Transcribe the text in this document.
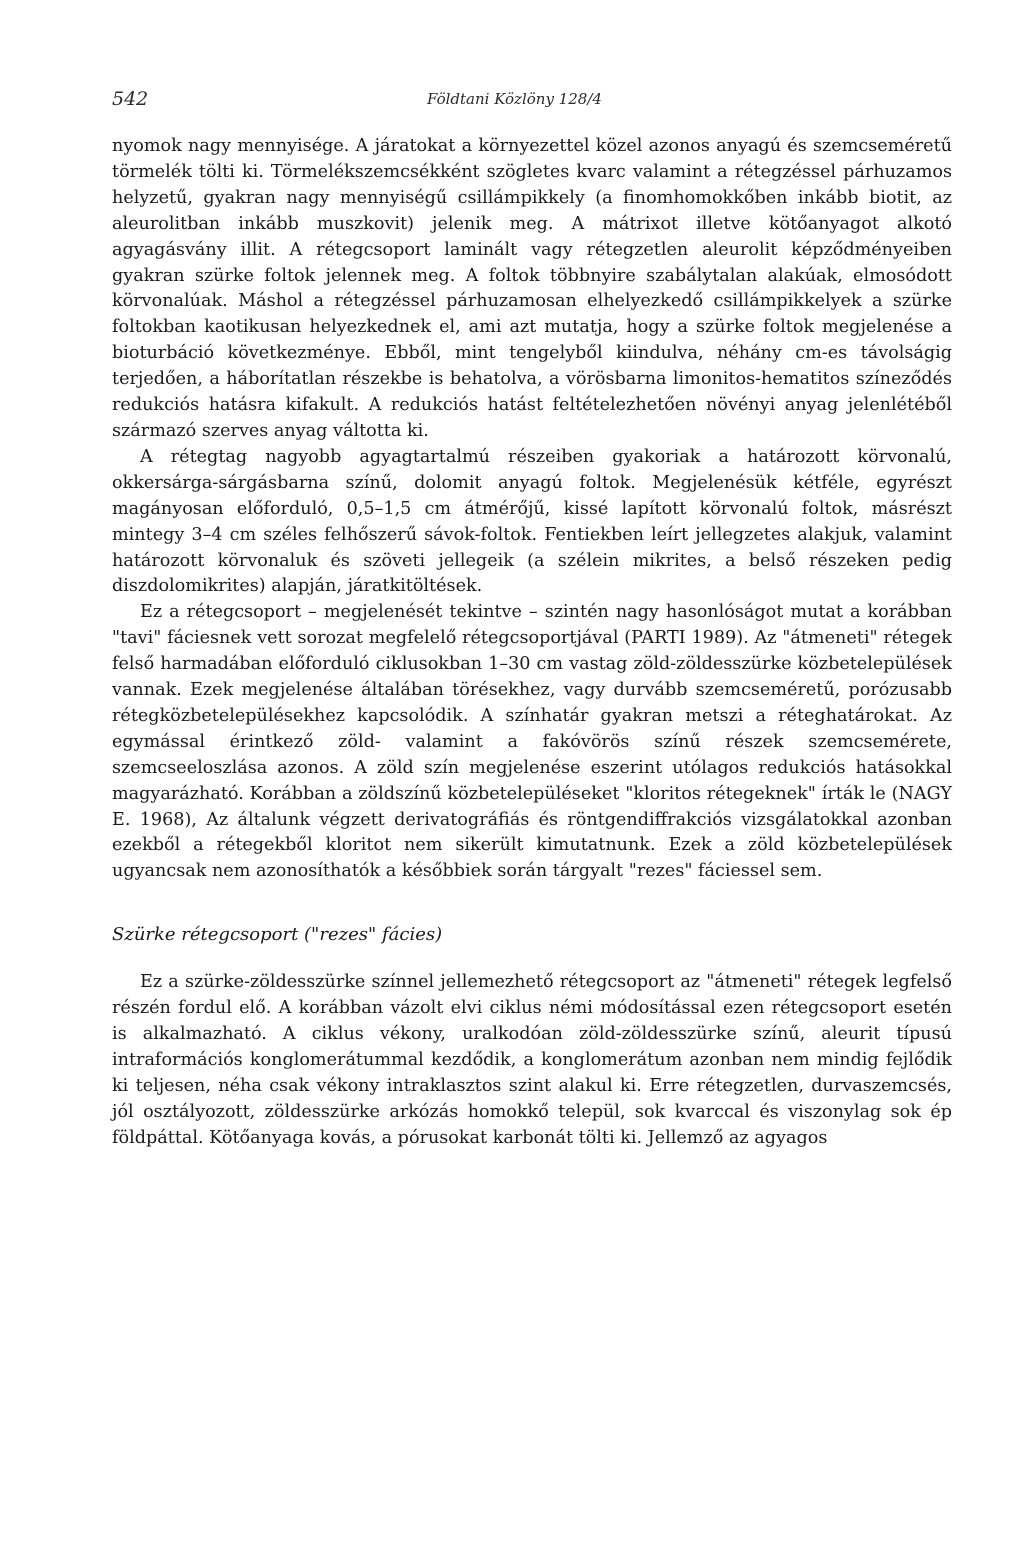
542	Földtani Közlöny 128/4

nyomok nagy mennyisége. A járatokat a környezettel közel azonos anyagú és szemcseméretű törmelék tölti ki. Törmelékszemcsékként szögletes kvarc valamint a rétegzéssel párhuzamos helyzetű, gyakran nagy mennyiségű csillámpikkely (a finomhomokkőben inkább biotit, az aleurolitban inkább muszkovit) jelenik meg. A mátrixot illetve kötőanyagot alkotó agyagásvány illit. A rétegcsoport laminált vagy rétegzetlen aleurolit képződményeiben gyakran szürke foltok jelennek meg. A foltok többnyire szabálytalan alakúak, elmosódott körvonalúak. Máshol a rétegzéssel párhuzamosan elhelyezkedő csillámpikkelyek a szürke foltokban kaotikusan helyezkednek el, ami azt mutatja, hogy a szürke foltok megjelenése a bioturbáció következménye. Ebből, mint tengelyből kiindulva, néhány cm-es távolságig terjedően, a háborítatlan részekbe is behatolva, a vörösbarna limonitos-hematitos színeződés redukciós hatásra kifakult. A redukciós hatást feltételezhetően növényi anyag jelenlétéből származó szerves anyag váltotta ki.

A rétegtag nagyobb agyagtartalmú részeiben gyakoriak a határozott körvonalú, okkersárga-sárgásbarna színű, dolomit anyagú foltok. Megjelenésük kétféle, egyrészt magányosan előforduló, 0,5–1,5 cm átmérőjű, kissé lapított körvonalú foltok, másrészt mintegy 3–4 cm széles felhőszerű sávok-foltok. Fentiekben leírt jellegzetes alakjuk, valamint határozott körvonaluk és szöveti jellegeik (a szélein mikrites, a belső részeken pedig diszdolomikrites) alapján, járatkitöltések.

Ez a rétegcsoport – megjelenését tekintve – szintén nagy hasonlóságot mutat a korábban "tavi" fáciesnek vett sorozat megfelelő rétegcsoportjával (PARTI 1989). Az "átmeneti" rétegek felső harmadában előforduló ciklusokban 1–30 cm vastag zöld-zöldesszürke közbetelepülések vannak. Ezek megjelenése általában törésekhez, vagy durvább szemcseméretű, porózusabb rétegközbetelepülésekhez kapcsolódik. A színhatár gyakran metszi a réteghatárokat. Az egymással érintkező zöld- valamint a fakóvörös színű részek szemcsemérete, szemcseeloszlása azonos. A zöld szín megjelenése eszerint utólagos redukciós hatásokkal magyarázható. Korábban a zöldszínű közbetelepüléseket "kloritos rétegeknek" írták le (NAGY E. 1968), Az általunk végzett derivatográfiás és röntgendiffrakciós vizsgálatokkal azonban ezekből a rétegekből kloritot nem sikerült kimutatnunk. Ezek a zöld közbetelepülések ugyancsak nem azonosíthatók a későbbiek során tárgyalt "rezes" fáciessel sem.

Szürke rétegcsoport ("rezes" fácies)

Ez a szürke-zöldesszürke színnel jellemezhető rétegcsoport az "átmeneti" rétegek legfelső részén fordul elő. A korábban vázolt elvi ciklus némi módosítással ezen rétegcsoport esetén is alkalmazható. A ciklus vékony, uralkodóan zöld-zöldesszürke színű, aleurit típusú intraformációs konglomerátummal kezdődik, a konglomerátum azonban nem mindig fejlődik ki teljesen, néha csak vékony intraklasztos szint alakul ki. Erre rétegzetlen, durvaszemcsés, jól osztályozott, zöldesszürke arkózás homokkő települ, sok kvarccal és viszonylag sok ép földpáttal. Kötőanyaga kovás, a pórusokat karbonát tölti ki. Jellemző az agyagos
